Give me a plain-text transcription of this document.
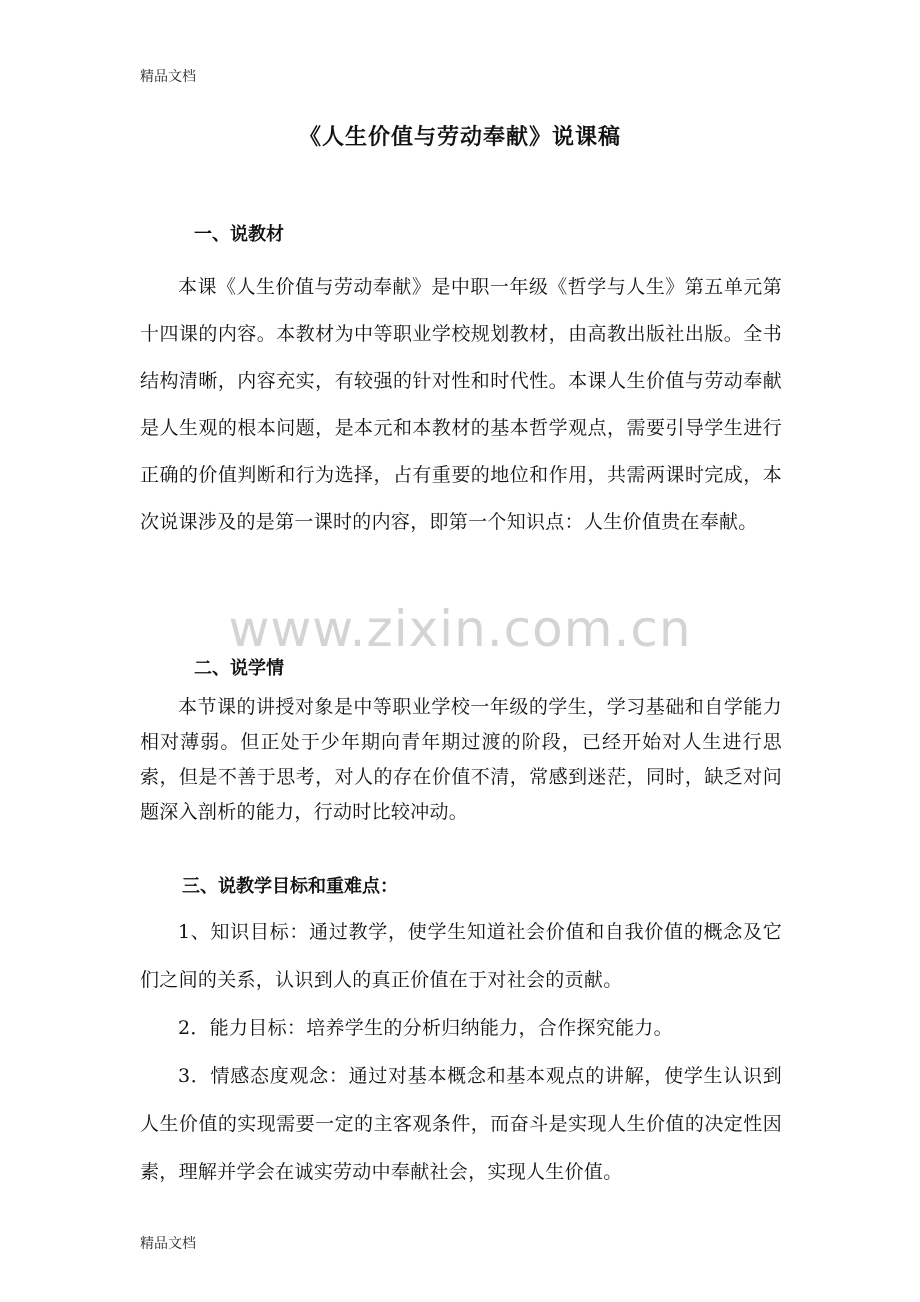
精品文档
《人生价值与劳动奉献》说课稿
www.zixin.com.cn
一、说教材

本课《人生价值与劳动奉献》是中职一年级《哲学与人生》第五单元第十四课的内容。本教材为中等职业学校规划教材，由高教出版社出版。全书结构清晰，内容充实，有较强的针对性和时代性。本课人生价值与劳动奉献是人生观的根本问题，是本元和本教材的基本哲学观点，需要引导学生进行正确的价值判断和行为选择，占有重要的地位和作用，共需两课时完成，本次说课涉及的是第一课时的内容，即第一个知识点：人生价值贵在奉献。

二、说学情

本节课的讲授对象是中等职业学校一年级的学生，学习基础和自学能力相对薄弱。但正处于少年期向青年期过渡的阶段，已经开始对人生进行思索，但是不善于思考，对人的存在价值不清，常感到迷茫，同时，缺乏对问题深入剖析的能力，行动时比较冲动。

三、说教学目标和重难点：

1、知识目标：通过教学，使学生知道社会价值和自我价值的概念及它们之间的关系，认识到人的真正价值在于对社会的贡献。

2．能力目标：培养学生的分析归纳能力，合作探究能力。

3．情感态度观念：通过对基本概念和基本观点的讲解，使学生认识到人生价值的实现需要一定的主客观条件，而奋斗是实现人生价值的决定性因素，理解并学会在诚实劳动中奉献社会，实现人生价值。

精品文档
